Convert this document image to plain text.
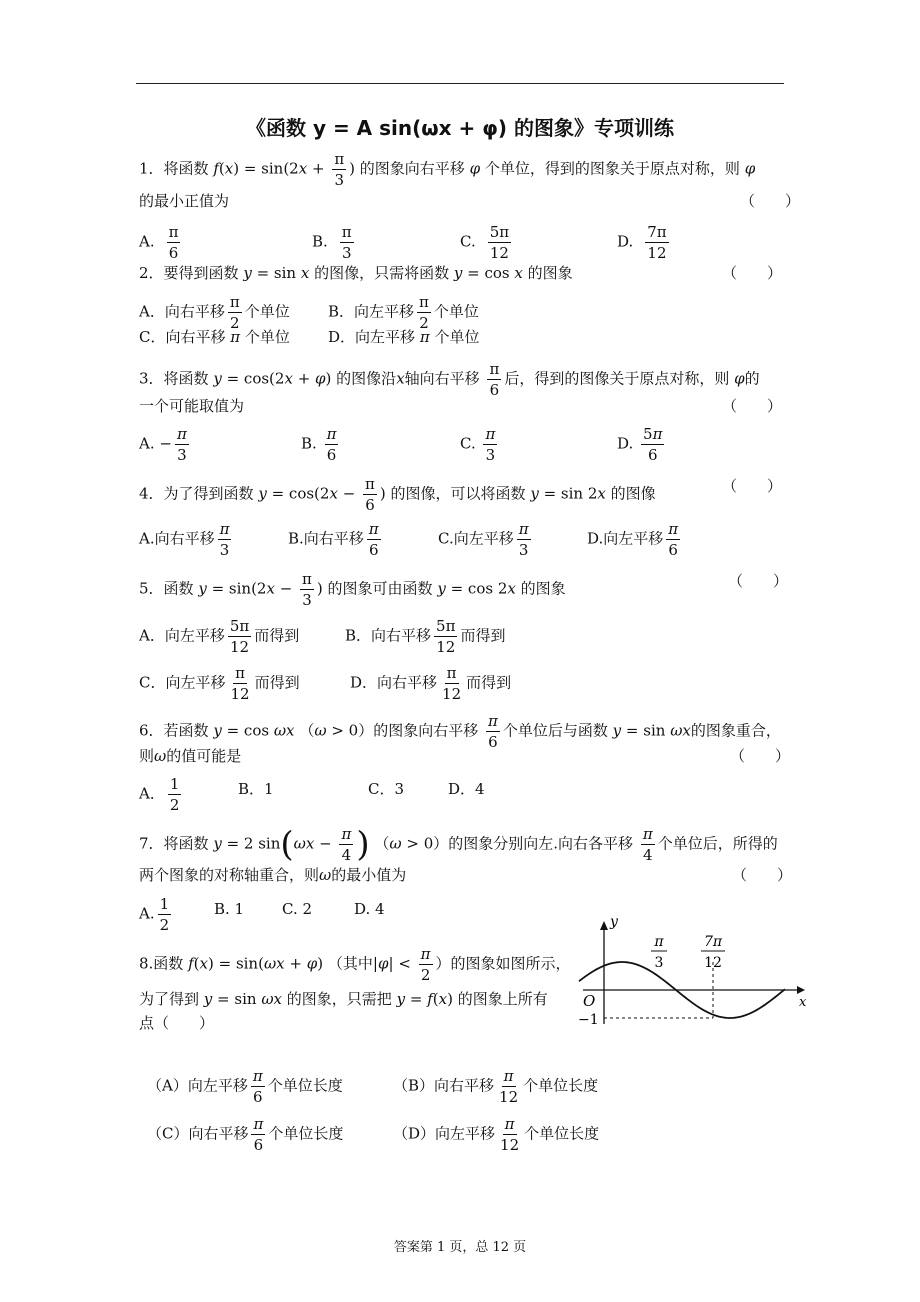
《函数 y = A sin(ωx + φ) 的图象》专项训练
1．将函数 $f(x) = \sin(2x + \frac{\pi}{3}$ ) 的图象向右平移 φ 个单位，得到的图象关于原点对称，则 φ
的最小正值为	（　　）
A. $\frac{\pi}{6}$	B. $\frac{\pi}{3}$	C. $\frac{5\pi}{12}$	D. $\frac{7\pi}{12}$
2．要得到函数 y = sin x 的图像，只需将函数 y = cos x 的图象	（　　）
A．向右平移 $\frac{\pi}{2}$ 个单位	B．向左平移 $\frac{\pi}{2}$ 个单位
C．向右平移 π 个单位	D．向左平移 π 个单位
3．将函数 y = cos(2x + φ) 的图像沿x轴向右平移 $\frac{\pi}{6}$ 后，得到的图像关于原点对称，则 φ的
一个可能取值为	（　　）
A. − $\frac{\pi}{3}$	B. $\frac{\pi}{6}$	C. $\frac{\pi}{3}$	D. $\frac{5\pi}{6}$
4．为了得到函数 $y = \cos(2x - \frac{\pi}{6}$ ) 的图像，可以将函数 y = sin 2x 的图像	（　　）
A.向右平移 $\frac{\pi}{3}$	B.向右平移 $\frac{\pi}{6}$	C.向左平移 $\frac{\pi}{3}$	D.向左平移 $\frac{\pi}{6}$
5．函数 $y = \sin(2x - \frac{\pi}{3}$ ) 的图象可由函数 y = cos 2x 的图象	（　　）
A．向左平移 $\frac{5\pi}{12}$ 而得到	B．向右平移 $\frac{5\pi}{12}$ 而得到
C．向左平移 $\frac{\pi}{12}$ 而得到	D．向右平移 $\frac{\pi}{12}$ 而得到
6．若函数 y = cos ωx （ω > 0）的图象向右平移 $\frac{\pi}{6}$ 个单位后与函数 y = sin ωx的图象重合，
则ω的值可能是	（　　）
A． $\frac{1}{2}$	B．1	C．3	D．4
7．将函数 y = 2 $\sin(\omega x - \frac{\pi}{4}$ ) （ω > 0）的图象分别向左.向右各平移 $\frac{\pi}{4}$ 个单位后，所得的
两个图象的对称轴重合，则ω的最小值为	（　　）
A. $\frac{1}{2}$	B. 1	C. 2	D. 4
8.函数 f(x) = sin(ωx + φ) （其中$|\varphi| < \frac{\pi}{2}$ ）的图象如图所示，
为了得到 y = sin ωx 的图象，只需把 y = f(x) 的图象上所有
点（　　）
y
x
O
−1
π
3
7π
12
（A）向左平移 $\frac{\pi}{6}$ 个单位长度	（B）向右平移 $\frac{\pi}{12}$ 个单位长度
（C）向右平移 $\frac{\pi}{6}$ 个单位长度	（D）向左平移 $\frac{\pi}{12}$ 个单位长度
答案第 1 页，总 12 页
